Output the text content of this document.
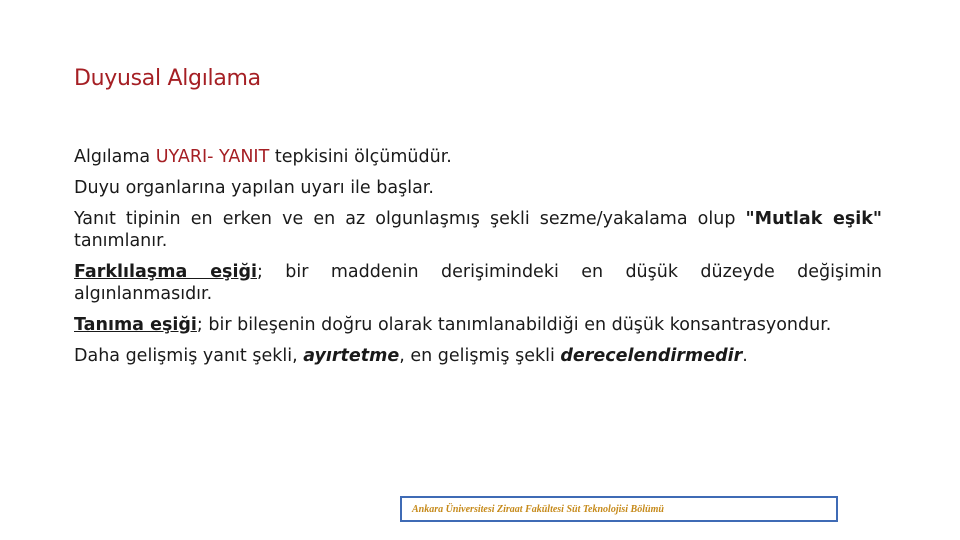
Duyusal Algılama

Algılama UYARI- YANIT tepkisini ölçümüdür.

Duyu organlarına yapılan uyarı ile başlar.

Yanıt tipinin en erken ve en az olgunlaşmış şekli sezme/yakalama olup "Mutlak eşik" tanımlanır.

Farklılaşma eşiği; bir maddenin derişimindeki en düşük düzeyde değişimin algınlanmasıdır.

Tanıma eşiği; bir bileşenin doğru olarak tanımlanabildiği en düşük konsantrasyondur.

Daha gelişmiş yanıt şekli, ayırtetme, en gelişmiş şekli derecelendirmedir.

Ankara Üniversitesi Ziraat Fakültesi Süt Teknolojisi Bölümü
